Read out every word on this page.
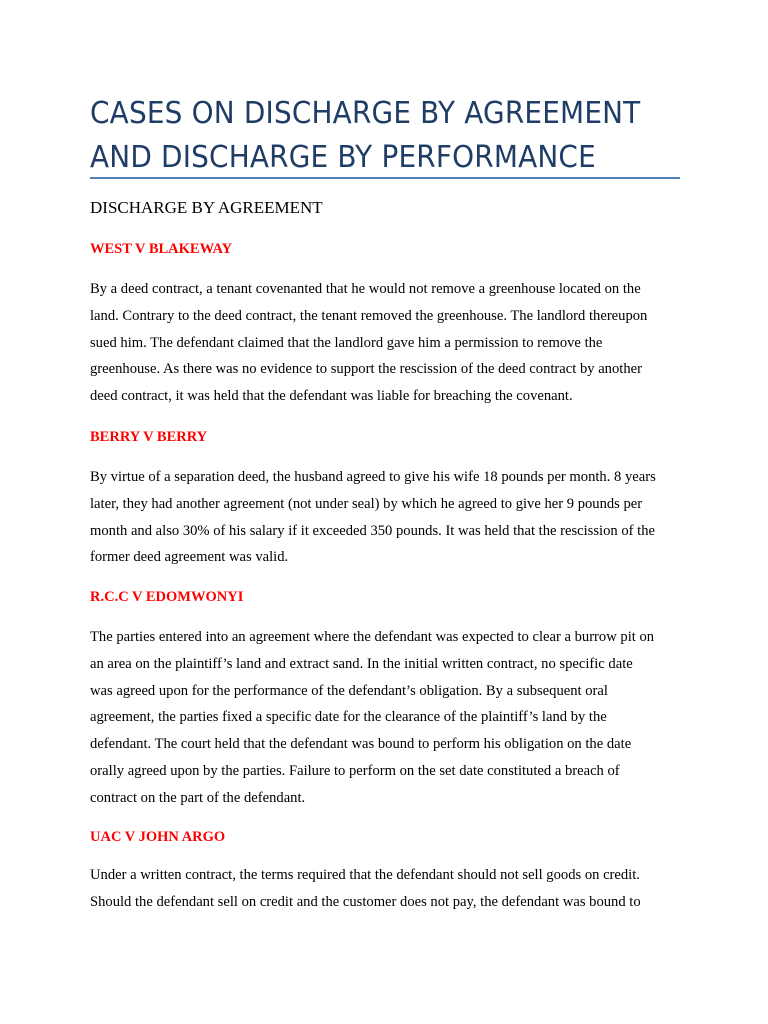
CASES ON DISCHARGE BY AGREEMENT
AND DISCHARGE BY PERFORMANCE
DISCHARGE BY AGREEMENT
WEST V BLAKEWAY
By a deed contract, a tenant covenanted that he would not remove a greenhouse located on the
land. Contrary to the deed contract, the tenant removed the greenhouse. The landlord thereupon
sued him. The defendant claimed that the landlord gave him a permission to remove the
greenhouse. As there was no evidence to support the rescission of the deed contract by another
deed contract, it was held that the defendant was liable for breaching the covenant.
BERRY V BERRY
By virtue of a separation deed, the husband agreed to give his wife 18 pounds per month. 8 years
later, they had another agreement (not under seal) by which he agreed to give her 9 pounds per
month and also 30% of his salary if it exceeded 350 pounds. It was held that the rescission of the
former deed agreement was valid.
R.C.C V EDOMWONYI
The parties entered into an agreement where the defendant was expected to clear a burrow pit on
an area on the plaintiff’s land and extract sand. In the initial written contract, no specific date
was agreed upon for the performance of the defendant’s obligation. By a subsequent oral
agreement, the parties fixed a specific date for the clearance of the plaintiff’s land by the
defendant. The court held that the defendant was bound to perform his obligation on the date
orally agreed upon by the parties. Failure to perform on the set date constituted a breach of
contract on the part of the defendant.
UAC V JOHN ARGO
Under a written contract, the terms required that the defendant should not sell goods on credit.
Should the defendant sell on credit and the customer does not pay, the defendant was bound to
